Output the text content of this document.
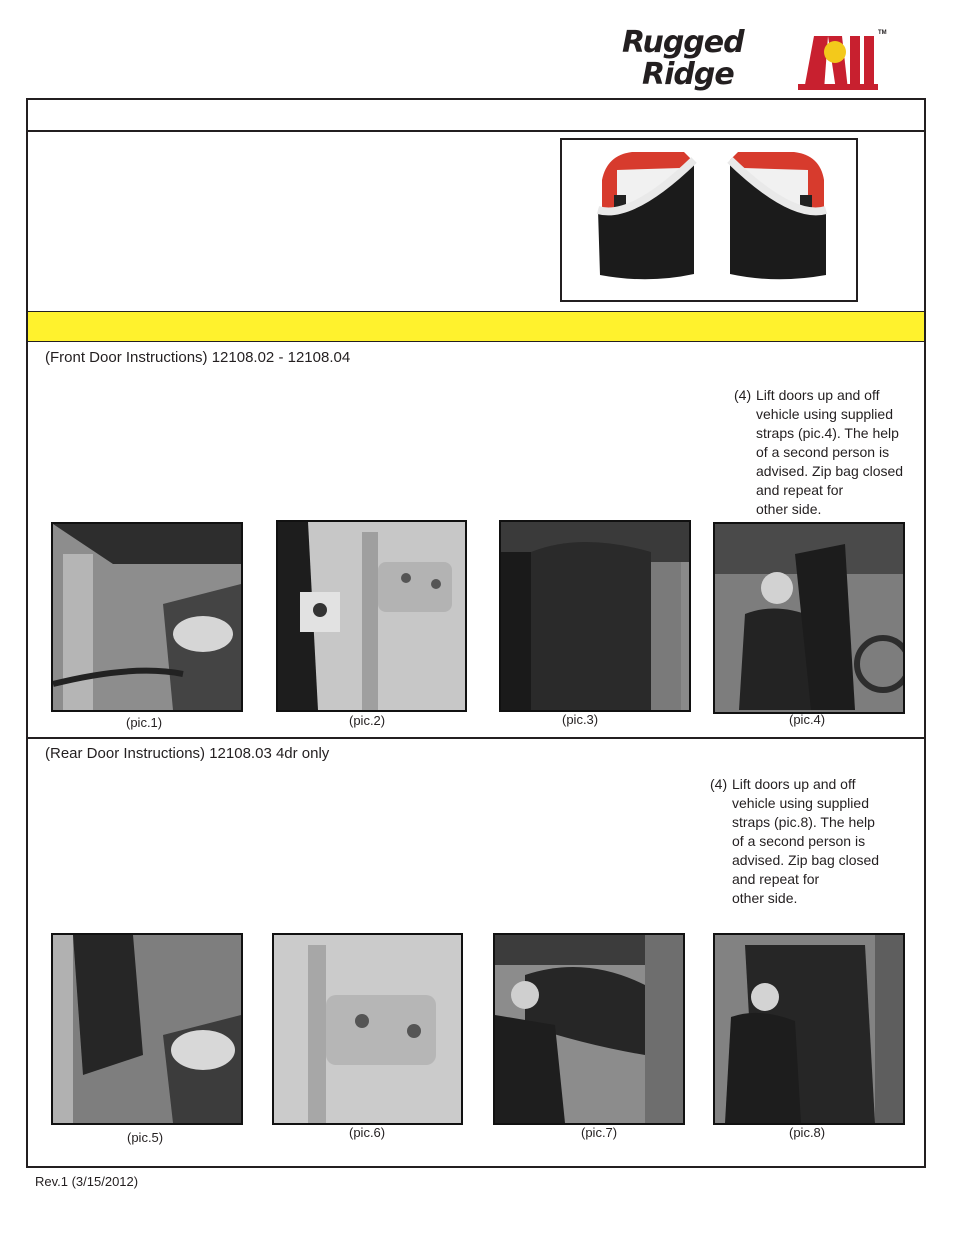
Rugged
Ridge
TM
(Front Door Instructions) 12108.02 - 12108.04
(4) Lift doors up and off
vehicle using supplied
straps (pic.4). The help
of a second person is
advised. Zip bag closed
and repeat for
other side.
(pic.1)	(pic.2)	(pic.3)	(pic.4)
(Rear Door Instructions) 12108.03 4dr only
(4) Lift doors up and off
vehicle using supplied
straps (pic.8). The help
of a second person is
advised. Zip bag closed
and repeat for
other side.
(pic.5)	(pic.6)	(pic.7)	(pic.8)
Rev.1 (3/15/2012)
